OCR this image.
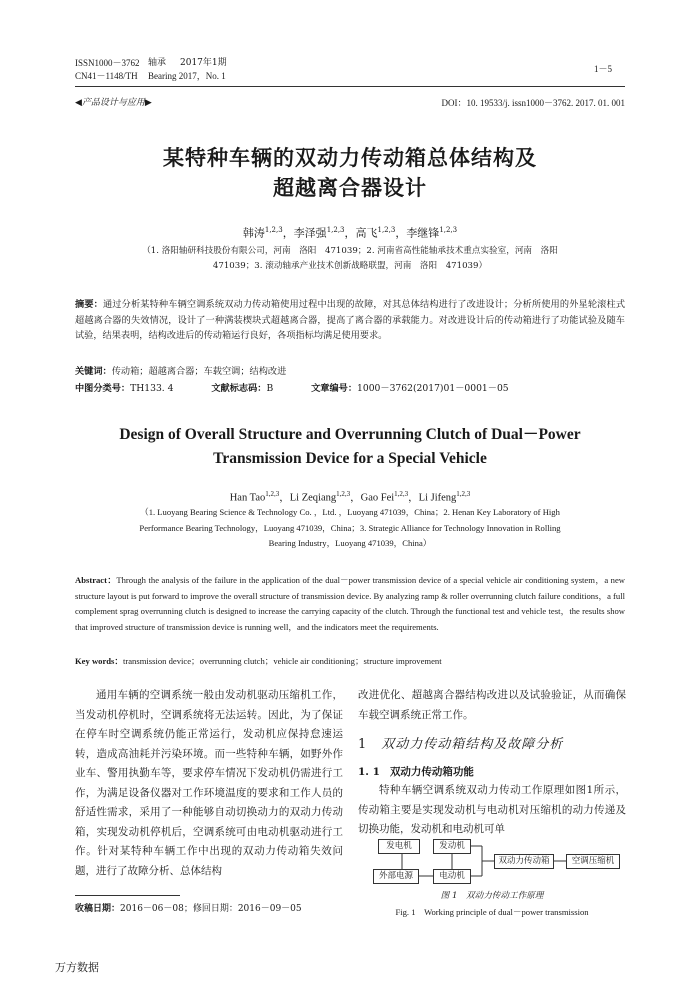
ISSN1000－3762 轴承 2017年1期
CN41－1148/TH Bearing 2017，No. 1
1－5
◀产品设计与应用▶	DOI：10. 19533/j. issn1000－3762. 2017. 01. 001
某特种车辆的双动力传动箱总体结构及
超越离合器设计
韩涛$^{1,2,3}$，李泽强$^{1,2,3}$，高飞$^{1,2,3}$，李继锋$^{1,2,3}$
（1. 洛阳轴研科技股份有限公司，河南　洛阳　471039；2. 河南省高性能轴承技术重点实验室，河南　洛阳
471039；3. 滚动轴承产业技术创新战略联盟，河南　洛阳　471039）
摘要：通过分析某特种车辆空调系统双动力传动箱使用过程中出现的故障，对其总体结构进行了改进设计；分析所使用的外星轮滚柱式超越离合器的失效情况，设计了一种满装楔块式超越离合器，提高了离合器的承载能力。对改进设计后的传动箱进行了功能试验及随车试验，结果表明，结构改进后的传动箱运行良好，各项指标均满足使用要求。
关键词：传动箱；超越离合器；车载空调；结构改进
中图分类号：TH133. 4	文献标志码：B	文章编号：1000－3762(2017)01－0001－05
Design of Overall Structure and Overrunning Clutch of Dual－Power
Transmission Device for a Special Vehicle
Han Tao$^{1,2,3}$，Li Zeqiang$^{1,2,3}$，Gao Fei$^{1,2,3}$，Li Jifeng$^{1,2,3}$
（1. Luoyang Bearing Science & Technology Co. ，Ltd. ，Luoyang 471039，China；2. Henan Key Laboratory of High
Performance Bearing Technology，Luoyang 471039，China；3. Strategic Alliance for Technology Innovation in Rolling
Bearing Industry，Luoyang 471039，China）
Abstract：Through the analysis of the failure in the application of the dual－power transmission device of a special vehicle air conditioning system，a new structure layout is put forward to improve the overall structure of transmission device. By analyzing ramp & roller overrunning clutch failure conditions，a full complement sprag overrunning clutch is designed to increase the carrying capacity of the clutch. Through the functional test and vehicle test，the results show that improved structure of transmission device is running well，and the indicators meet the requirements.
Key words：transmission device；overrunning clutch；vehicle air conditioning；structure improvement

通用车辆的空调系统一般由发动机驱动压缩机工作，当发动机停机时，空调系统将无法运转。因此，为了保证在停车时空调系统仍能正常运行，发动机应保持怠速运转，造成高油耗并污染环境。而一些特种车辆，如野外作业车、警用执勤车等，要求停车情况下发动机仍需进行工作，为满足设备仪器对工作环境温度的要求和工作人员的舒适性需求，采用了一种能够自动切换动力的双动力传动箱，实现发动机停机后，空调系统可由电动机驱动进行工作。针对某特种车辆工作中出现的双动力传动箱失效问题，进行了故障分析、总体结构

收稿日期：2016－06－08；修回日期：2016－09－05

改进优化、超越离合器结构改进以及试验验证，从而确保车载空调系统正常工作。

1 双动力传动箱结构及故障分析
1. 1 双动力传动箱功能

特种车辆空调系统双动力传动工作原理如图1所示，传动箱主要是实现发动机与电动机对压缩机的动力传递及切换功能，发动机和电动机可单

发电机	发动机
双动力传动箱	空调压缩机
外部电源	电动机
图 1　双动力传动工作原理
Fig. 1　Working principle of dual－power transmission
万方数据
